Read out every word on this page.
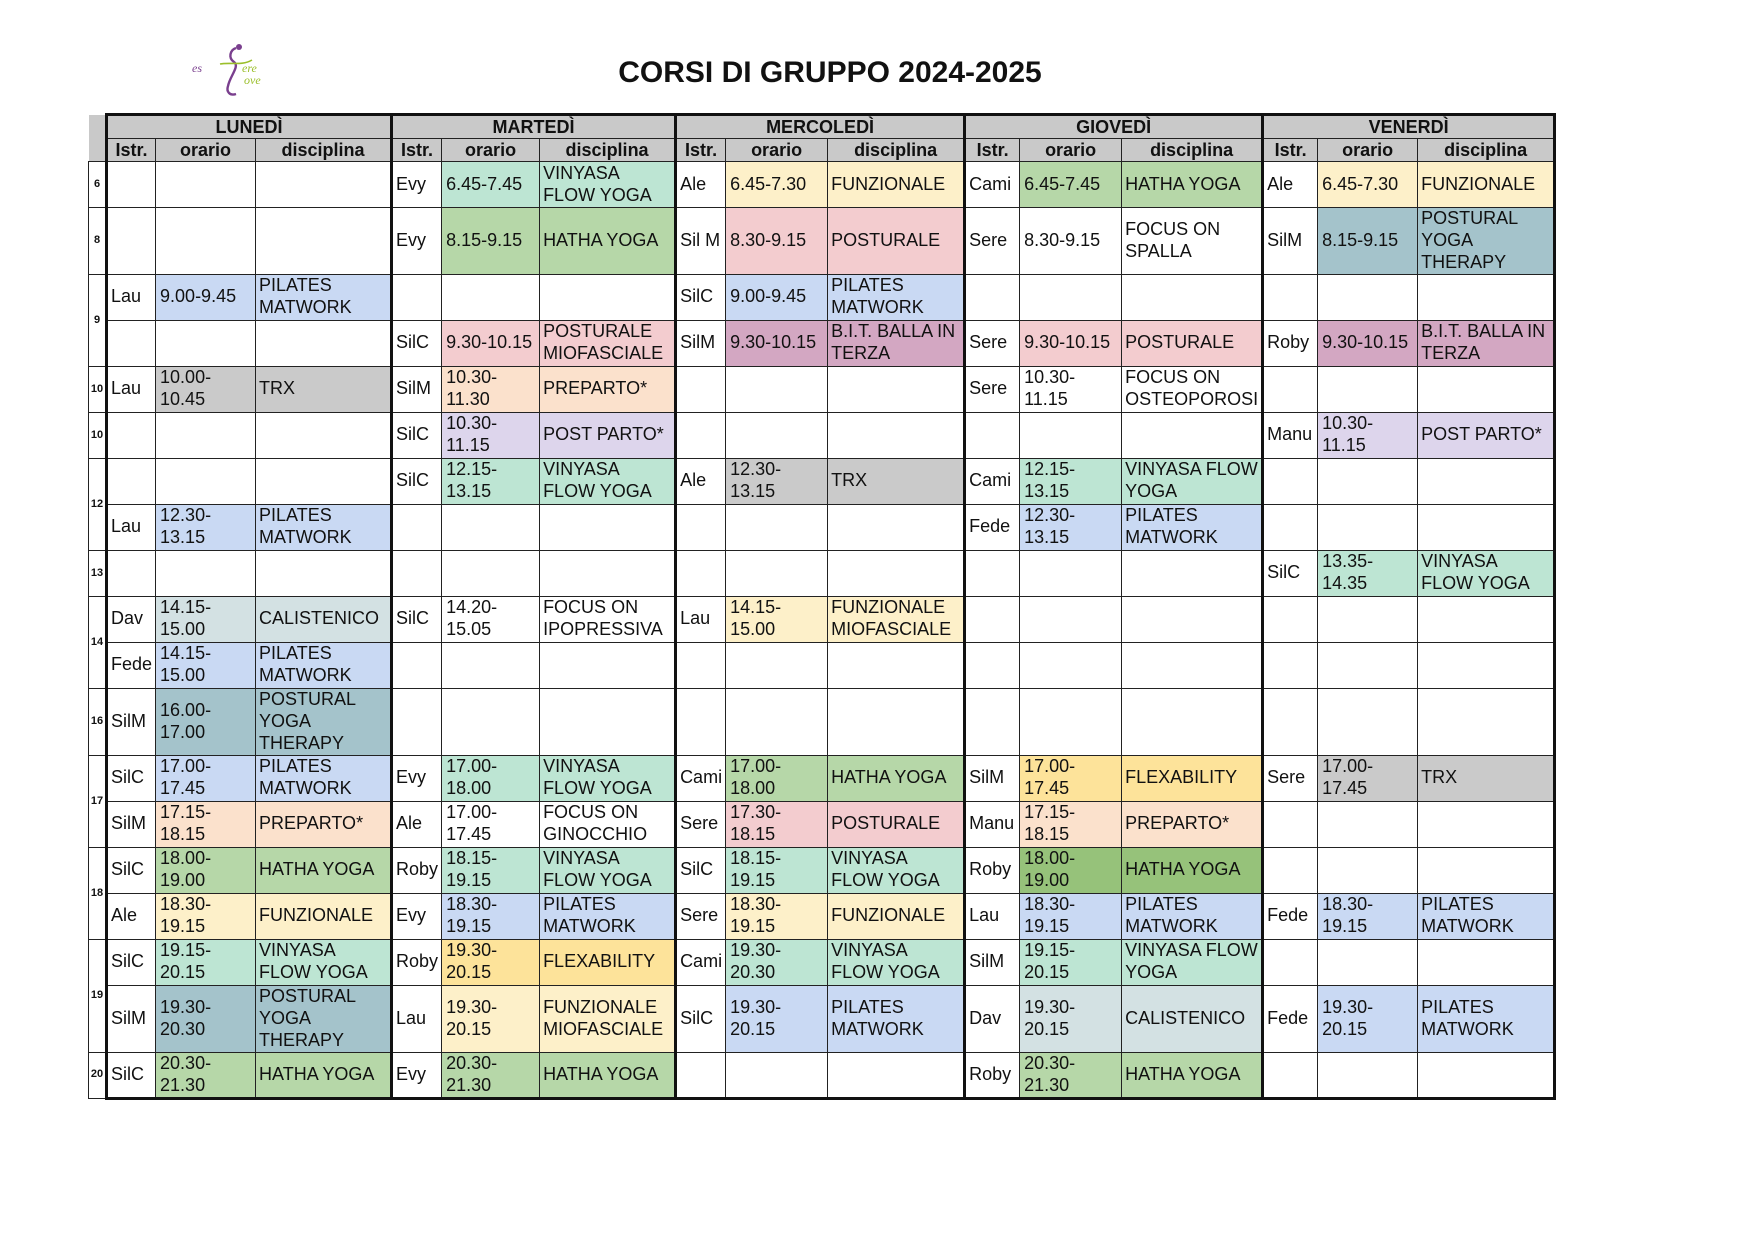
es	ere
ove	CORSI DI GRUPPO 2024-2025
	LUNEDÌ			MARTEDÌ			MERCOLEDÌ			GIOVEDÌ			VENERDÌ		
	Istr.	orario	disciplina	Istr.	orario	disciplina	Istr.	orario	disciplina	Istr.	orario	disciplina	Istr.	orario	disciplina
6				Evy	6.45-7.45	VINYASA FLOW YOGA	Ale	6.45-7.30	FUNZIONALE	Cami	6.45-7.45	HATHA YOGA	Ale	6.45-7.30	FUNZIONALE
8				Evy	8.15-9.15	HATHA YOGA	Sil M	8.30-9.15	POSTURALE	Sere	8.30-9.15	FOCUS ON SPALLA	SilM	8.15-9.15	POSTURAL YOGA THERAPY
9	Lau	9.00-9.45	PILATES MATWORK				SilC	9.00-9.45	PILATES MATWORK						
				SilC	9.30-10.15	POSTURALE MIOFASCIALE	SilM	9.30-10.15	B.I.T. BALLA IN TERZA	Sere	9.30-10.15	POSTURALE	Roby	9.30-10.15	B.I.T. BALLA IN TERZA
10	Lau	10.00-10.45	TRX	SilM	10.30-11.30	PREPARTO*				Sere	10.30-11.15	FOCUS ON OSTEOPOROSI			
10				SilC	10.30-11.15	POST PARTO*							Manu	10.30-11.15	POST PARTO*
12				SilC	12.15-13.15	VINYASA FLOW YOGA	Ale	12.30-13.15	TRX	Cami	12.15-13.15	VINYASA FLOW YOGA			
	Lau	12.30-13.15	PILATES MATWORK							Fede	12.30-13.15	PILATES MATWORK			
13													SilC	13.35-14.35	VINYASA FLOW YOGA
14	Dav	14.15-15.00	CALISTENICO	SilC	14.20-15.05	FOCUS ON IPOPRESSIVA	Lau	14.15-15.00	FUNZIONALE MIOFASCIALE						
	Fede	14.15-15.00	PILATES MATWORK												
16	SilM	16.00-17.00	POSTURAL YOGA THERAPY												
17	SilC	17.00-17.45	PILATES MATWORK	Evy	17.00-18.00	VINYASA FLOW YOGA	Cami	17.00-18.00	HATHA YOGA	SilM	17.00-17.45	FLEXABILITY	Sere	17.00-17.45	TRX
	SilM	17.15-18.15	PREPARTO*	Ale	17.00-17.45	FOCUS ON GINOCCHIO	Sere	17.30-18.15	POSTURALE	Manu	17.15-18.15	PREPARTO*			
18	SilC	18.00-19.00	HATHA YOGA	Roby	18.15-19.15	VINYASA FLOW YOGA	SilC	18.15-19.15	VINYASA FLOW YOGA	Roby	18.00-19.00	HATHA YOGA			
	Ale	18.30-19.15	FUNZIONALE	Evy	18.30-19.15	PILATES MATWORK	Sere	18.30-19.15	FUNZIONALE	Lau	18.30-19.15	PILATES MATWORK	Fede	18.30-19.15	PILATES MATWORK
19	SilC	19.15-20.15	VINYASA FLOW YOGA	Roby	19.30-20.15	FLEXABILITY	Cami	19.30-20.30	VINYASA FLOW YOGA	SilM	19.15-20.15	VINYASA FLOW YOGA			
	SilM	19.30-20.30	POSTURAL YOGA THERAPY	Lau	19.30-20.15	FUNZIONALE MIOFASCIALE	SilC	19.30-20.15	PILATES MATWORK	Dav	19.30-20.15	CALISTENICO	Fede	19.30-20.15	PILATES MATWORK
20	SilC	20.30-21.30	HATHA YOGA	Evy	20.30-21.30	HATHA YOGA				Roby	20.30-21.30	HATHA YOGA			
